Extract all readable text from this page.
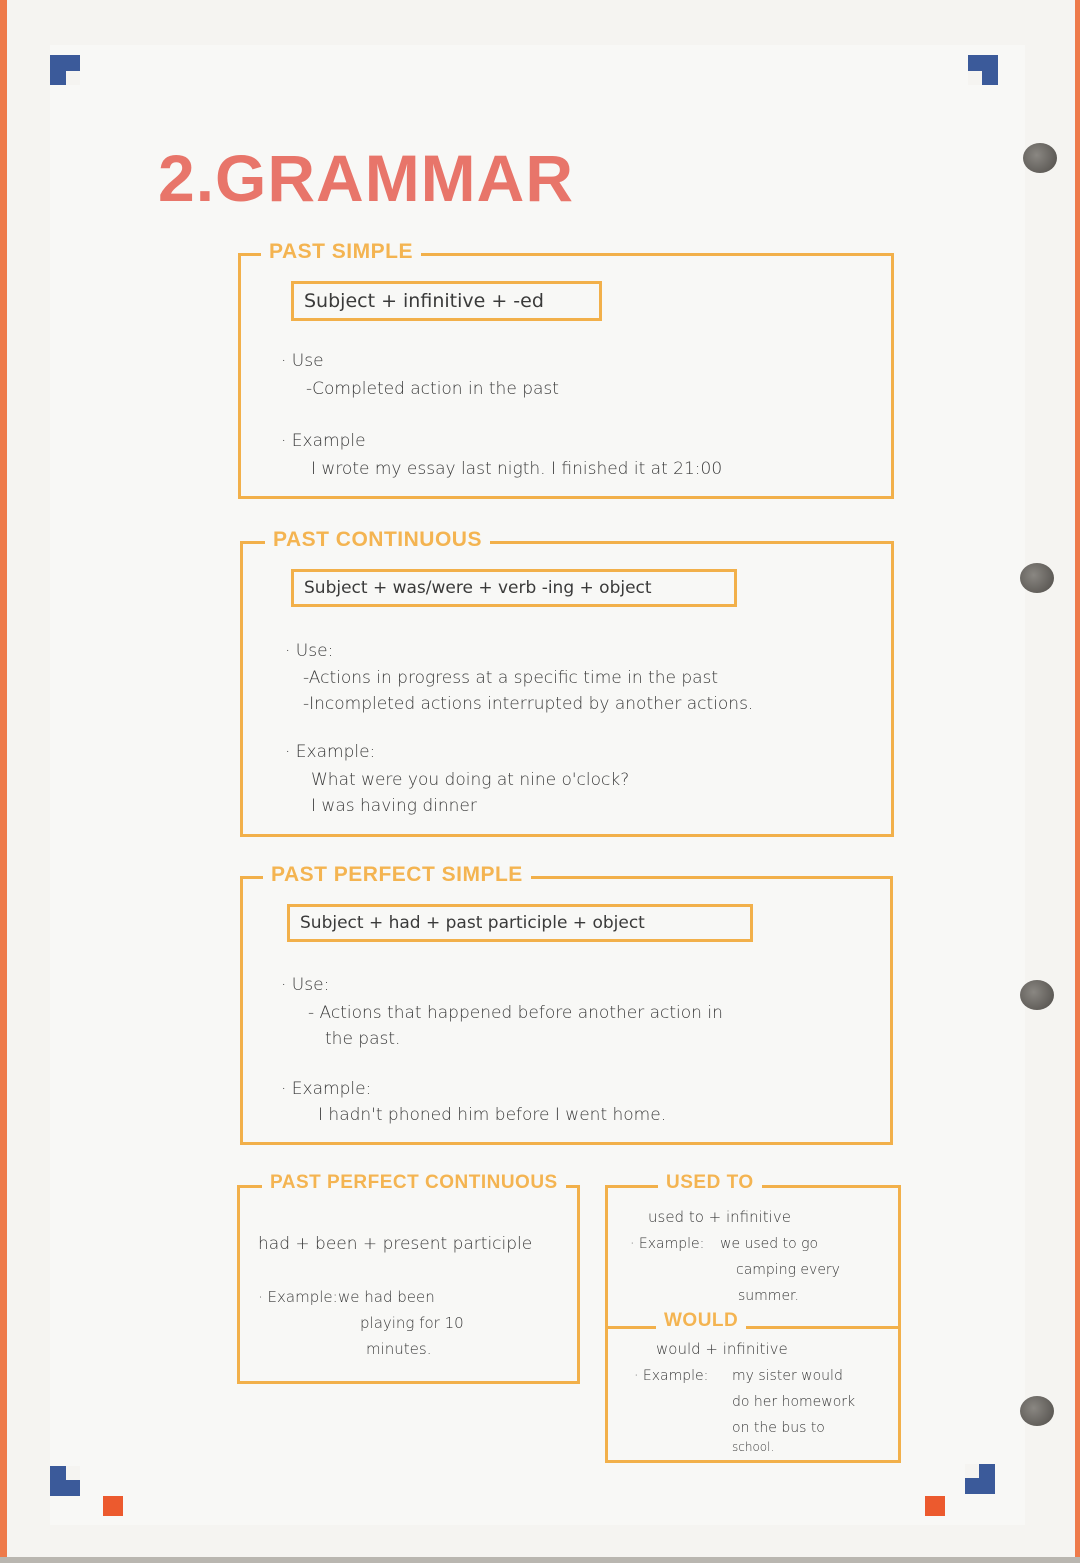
2.GRAMMAR
PAST SIMPLE
Subject + infinitive + -ed
· Use
-Completed action in the past
· Example
I wrote my essay last nigth. I finished it at 21:00
PAST CONTINUOUS
Subject + was/were + verb -ing + object
· Use:
-Actions in progress at a specific time in the past
-Incompleted actions interrupted by another actions.
· Example:
What were you doing at nine o'clock?
I was having dinner
PAST PERFECT SIMPLE
Subject + had + past participle + object
· Use:
- Actions that happened before another action in
the past.
· Example:
I hadn't phoned him before I went home.
PAST PERFECT CONTINUOUS
had + been + present participle
· Example: we had been
playing for 10
minutes.
USED TO
used to + infinitive
· Example: we used to go
camping every
summer.
WOULD
would + infinitive
· Example: my sister would
do her homework
on the bus to
school.
